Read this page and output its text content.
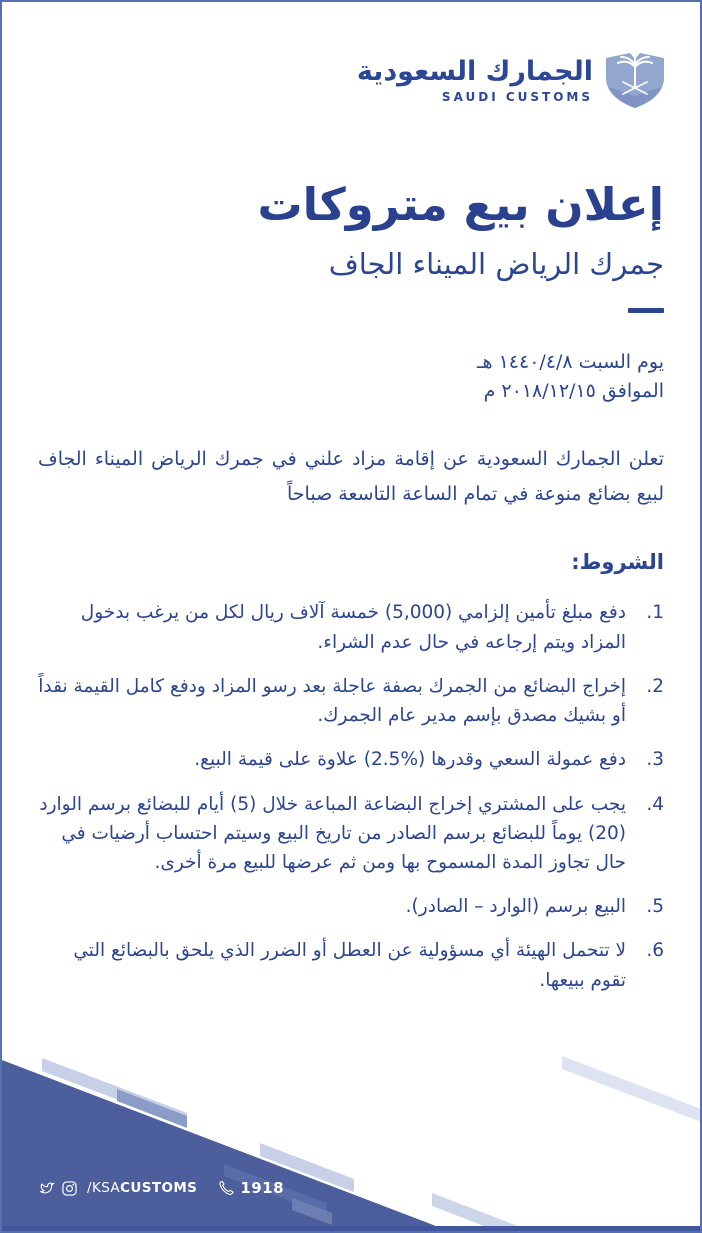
الجمارك السعودية
SAUDI CUSTOMS
إعلان بيع متروكات
جمرك الرياض الميناء الجاف
يوم السبت ١٤٤٠/٤/٨ هـ
الموافق ٢٠١٨/١٢/١٥ م

تعلن الجمارك السعودية عن إقامة مزاد علني في جمرك الرياض الميناء الجاف لبيع بضائع منوعة في تمام الساعة التاسعة صباحاً

الشروط:
1.
دفع مبلغ تأمين إلزامي (5,000) خمسة آلاف ريال لكل من يرغب بدخول المزاد ويتم إرجاعه في حال عدم الشراء.
2.
إخراج البضائع من الجمرك بصفة عاجلة بعد رسو المزاد ودفع كامل القيمة نقداً أو بشيك مصدق بإسم مدير عام الجمرك.
3.
دفع عمولة السعي وقدرها (%2.5) علاوة على قيمة البيع.
4.
يجب على المشتري إخراج البضاعة المباعة خلال (5) أيام للبضائع برسم الوارد (20) يوماً للبضائع برسم الصادر من تاريخ البيع وسيتم احتساب أرضيات في حال تجاوز المدة المسموح بها ومن ثم عرضها للبيع مرة أخرى.
5.
البيع برسم (الوارد – الصادر).
6.
لا تتحمل الهيئة أي مسؤولية عن العطل أو الضرر الذي يلحق بالبضائع التي تقوم ببيعها.
/KSACUSTOMS	1918
